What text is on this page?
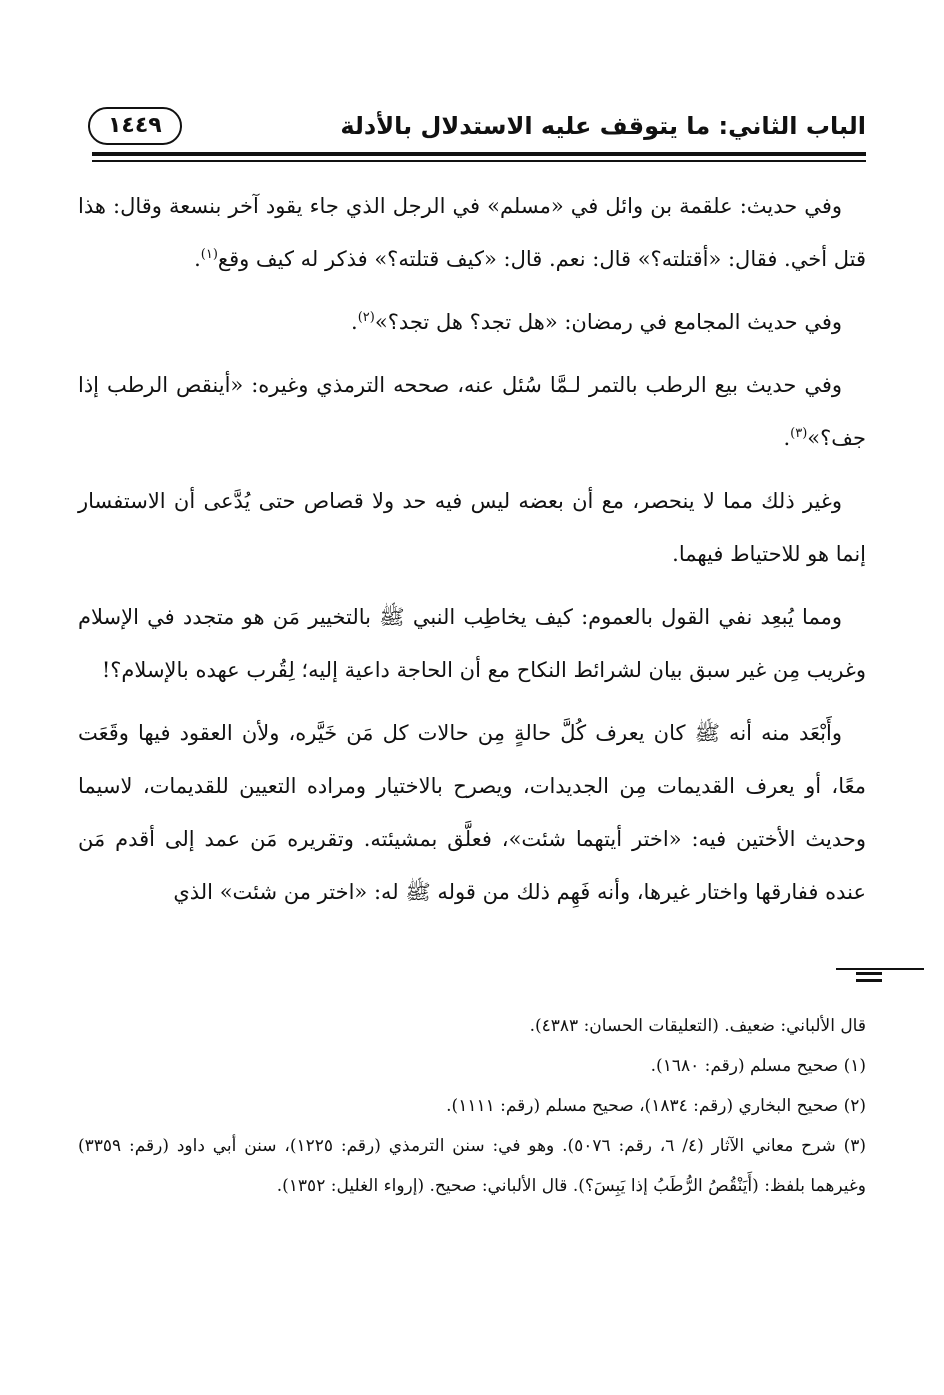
الباب الثاني: ما يتوقف عليه الاستدلال بالأدلة
١٤٤٩

وفي حديث: علقمة بن وائل في «مسلم» في الرجل الذي جاء يقود آخر بنسعة وقال: هذا قتل أخي. فقال: «أقتلته؟» قال: نعم. قال: «كيف قتلته؟» فذكر له كيف وقع$^{(١)}$.

وفي حديث المجامع في رمضان: «هل تجد؟ هل تجد؟»$^{(٢)}$.

وفي حديث بيع الرطب بالتمر لـمَّا سُئل عنه، صححه الترمذي وغيره: «أينقص الرطب إذا جف؟»$^{(٣)}$.

وغير ذلك مما لا ينحصر، مع أن بعضه ليس فيه حد ولا قصاص حتى يُدَّعى أن الاستفسار إنما هو للاحتياط فيهما.

ومما يُبعِد نفي القول بالعموم: كيف يخاطِب النبي ﷺ بالتخيير مَن هو متجدد في الإسلام وغريب مِن غير سبق بيان لشرائط النكاح مع أن الحاجة داعية إليه؛ لِقُرب عهده بالإسلام؟!

وأَبْعَد منه أنه ﷺ كان يعرف كُلَّ حالةٍ مِن حالات كل مَن خَيَّره، ولأن العقود فيها وقَعَت معًا، أو يعرف القديمات مِن الجديدات، ويصرح بالاختيار ومراده التعيين للقديمات، لاسيما وحديث الأختين فيه: «اختر أيتهما شئت»، فعلَّق بمشيئته. وتقريره مَن عمد إلى أقدم مَن عنده ففارقها واختار غيرها، وأنه فَهِم ذلك من قوله ﷺ له: «اختر من شئت» الذي

قال الألباني: ضعيف. (التعليقات الحسان: ٤٣٨٣).

(١) صحيح مسلم (رقم: ١٦٨٠).

(٢) صحيح البخاري (رقم: ١٨٣٤)، صحيح مسلم (رقم: ١١١١).

(٣) شرح معاني الآثار (٤/ ٦، رقم: ٥٠٧٦). وهو في: سنن الترمذي (رقم: ١٢٢٥)، سنن أبي داود (رقم: ٣٣٥٩) وغيرهما بلفظ: (أَيَنْقُصُ الرُّطَبُ إذا يَبِسَ؟). قال الألباني: صحيح. (إرواء الغليل: ١٣٥٢).
